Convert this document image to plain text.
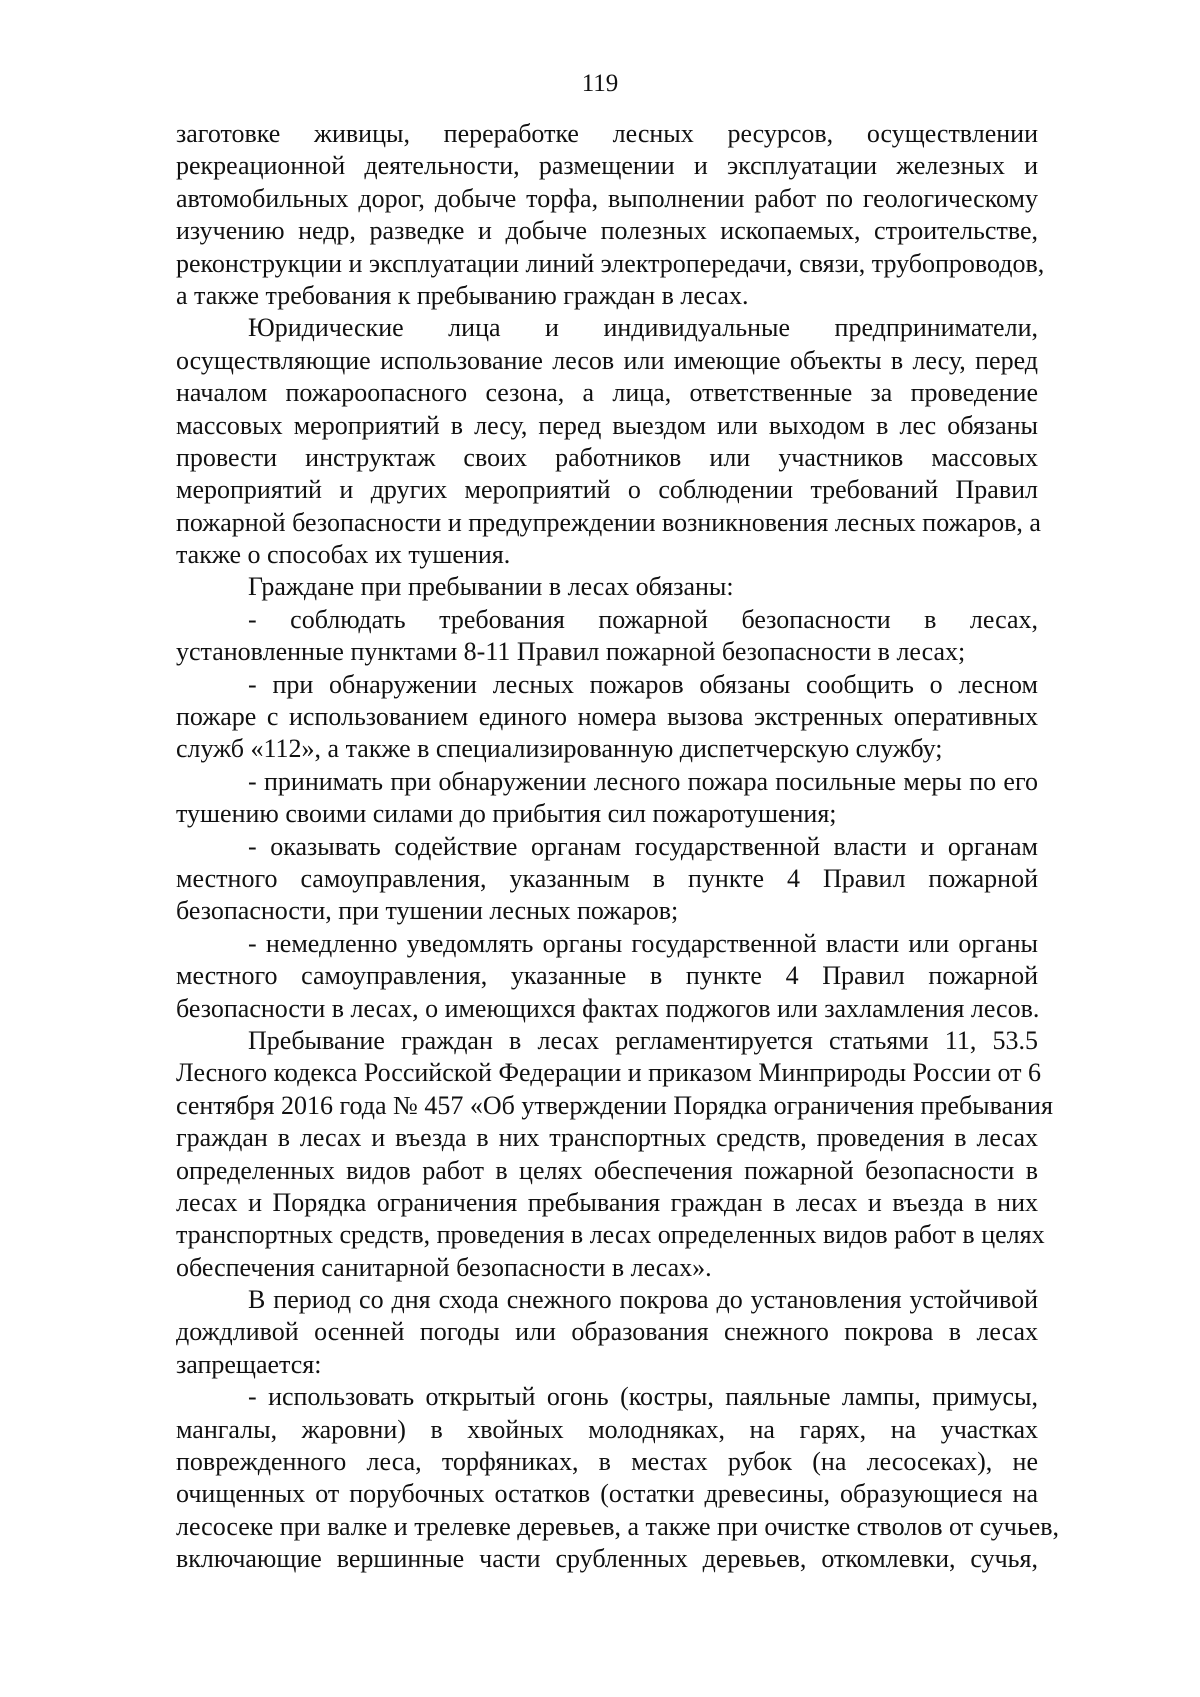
119
заготовке живицы, переработке лесных ресурсов, осуществлении
рекреационной деятельности, размещении и эксплуатации железных и
автомобильных дорог, добыче торфа, выполнении работ по геологическому
изучению недр, разведке и добыче полезных ископаемых, строительстве,
реконструкции и эксплуатации линий электропередачи, связи, трубопроводов,
а также требования к пребыванию граждан в лесах.
Юридические лица и индивидуальные предприниматели,
осуществляющие использование лесов или имеющие объекты в лесу, перед
началом пожароопасного сезона, а лица, ответственные за проведение
массовых мероприятий в лесу, перед выездом или выходом в лес обязаны
провести инструктаж своих работников или участников массовых
мероприятий и других мероприятий о соблюдении требований Правил
пожарной безопасности и предупреждении возникновения лесных пожаров, а
также о способах их тушения.
Граждане при пребывании в лесах обязаны:
- соблюдать требования пожарной безопасности в лесах,
установленные пунктами 8-11 Правил пожарной безопасности в лесах;
- при обнаружении лесных пожаров обязаны сообщить о лесном
пожаре с использованием единого номера вызова экстренных оперативных
служб «112», а также в специализированную диспетчерскую службу;
- принимать при обнаружении лесного пожара посильные меры по его
тушению своими силами до прибытия сил пожаротушения;
- оказывать содействие органам государственной власти и органам
местного самоуправления, указанным в пункте 4 Правил пожарной
безопасности, при тушении лесных пожаров;
- немедленно уведомлять органы государственной власти или органы
местного самоуправления, указанные в пункте 4 Правил пожарной
безопасности в лесах, о имеющихся фактах поджогов или захламления лесов.
Пребывание граждан в лесах регламентируется статьями 11, 53.5
Лесного кодекса Российской Федерации и приказом Минприроды России от 6
сентября 2016 года № 457 «Об утверждении Порядка ограничения пребывания
граждан в лесах и въезда в них транспортных средств, проведения в лесах
определенных видов работ в целях обеспечения пожарной безопасности в
лесах и Порядка ограничения пребывания граждан в лесах и въезда в них
транспортных средств, проведения в лесах определенных видов работ в целях
обеспечения санитарной безопасности в лесах».
В период со дня схода снежного покрова до установления устойчивой
дождливой осенней погоды или образования снежного покрова в лесах
запрещается:
- использовать открытый огонь (костры, паяльные лампы, примусы,
мангалы, жаровни) в хвойных молодняках, на гарях, на участках
поврежденного леса, торфяниках, в местах рубок (на лесосеках), не
очищенных от порубочных остатков (остатки древесины, образующиеся на
лесосеке при валке и трелевке деревьев, а также при очистке стволов от сучьев,
включающие вершинные части срубленных деревьев, откомлевки, сучья,
